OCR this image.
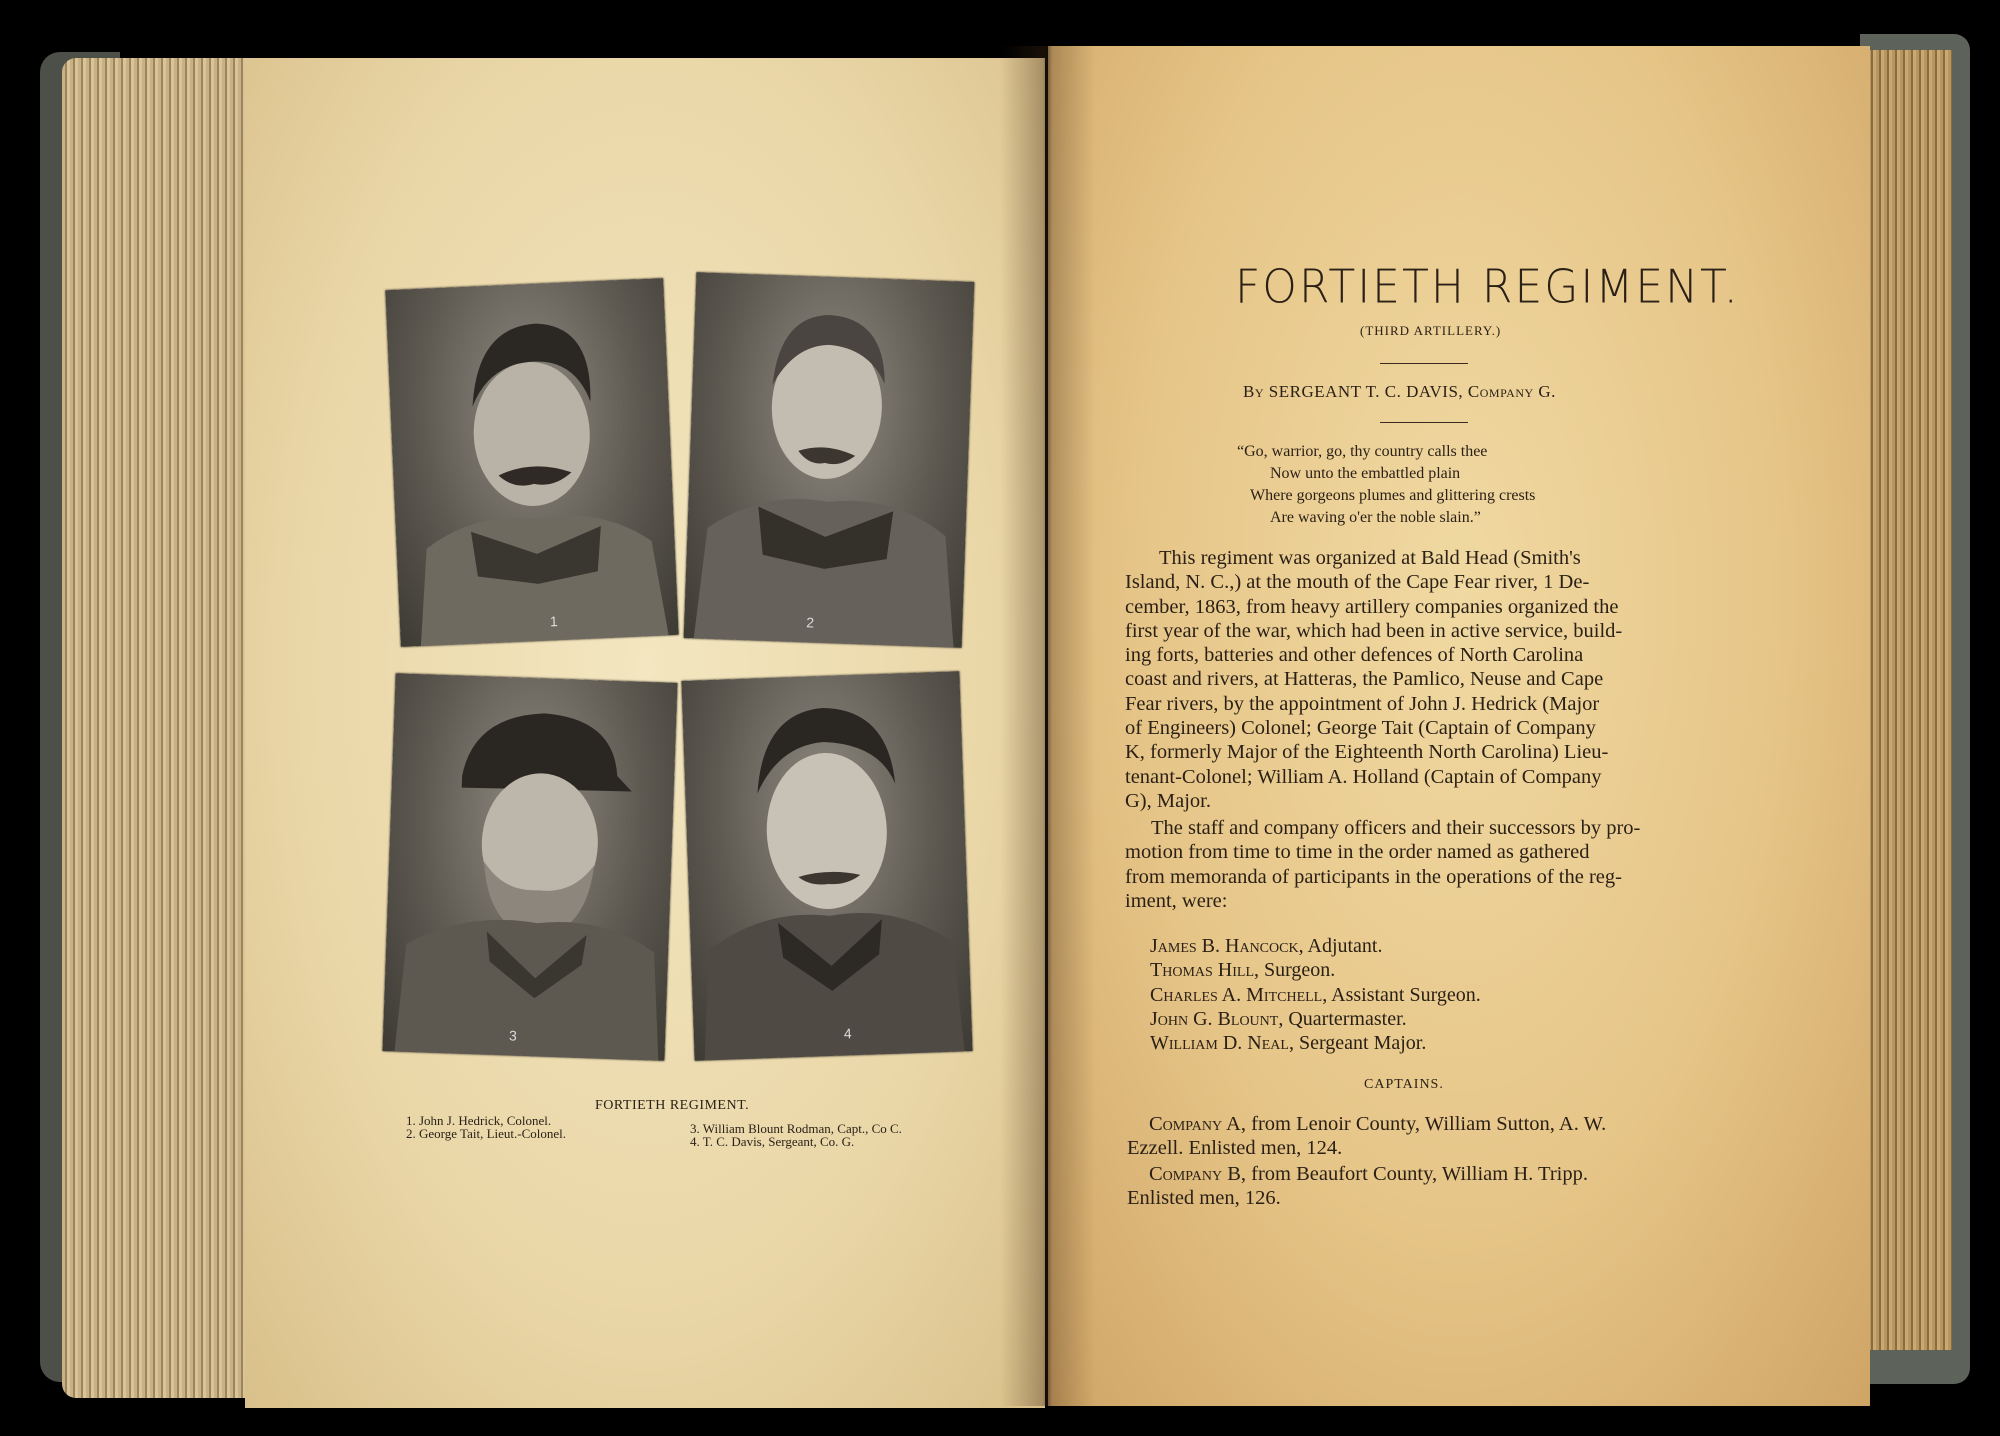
1	2
3	4
FORTIETH REGIMENT.
1. John J. Hedrick, Colonel.
2. George Tait, Lieut.-Colonel.	3. William Blount Rodman, Capt., Co C.
4. T. C. Davis, Sergeant, Co. G.
FORTIETH REGIMENT.
(THIRD ARTILLERY.)
By SERGEANT T. C. DAVIS, Company G.
“Go, warrior, go, thy country calls thee
Now unto the embattled plain
Where gorgeons plumes and glittering crests
Are waving o'er the noble slain.”
This regiment was organized at Bald Head (Smith's
Island, N. C.,) at the mouth of the Cape Fear river, 1 De-
cember, 1863, from heavy artillery companies organized the
first year of the war, which had been in active service, build-
ing forts, batteries and other defences of North Carolina
coast and rivers, at Hatteras, the Pamlico, Neuse and Cape
Fear rivers, by the appointment of John J. Hedrick (Major
of Engineers) Colonel; George Tait (Captain of Company
K, formerly Major of the Eighteenth North Carolina) Lieu-
tenant-Colonel; William A. Holland (Captain of Company
G), Major.
The staff and company officers and their successors by pro-
motion from time to time in the order named as gathered
from memoranda of participants in the operations of the reg-
iment, were:
James B. Hancock, Adjutant.
Thomas Hill, Surgeon.
Charles A. Mitchell, Assistant Surgeon.
John G. Blount, Quartermaster.
William D. Neal, Sergeant Major.
CAPTAINS.
Company A, from Lenoir County, William Sutton, A. W.
Ezzell. Enlisted men, 124.
Company B, from Beaufort County, William H. Tripp.
Enlisted men, 126.
